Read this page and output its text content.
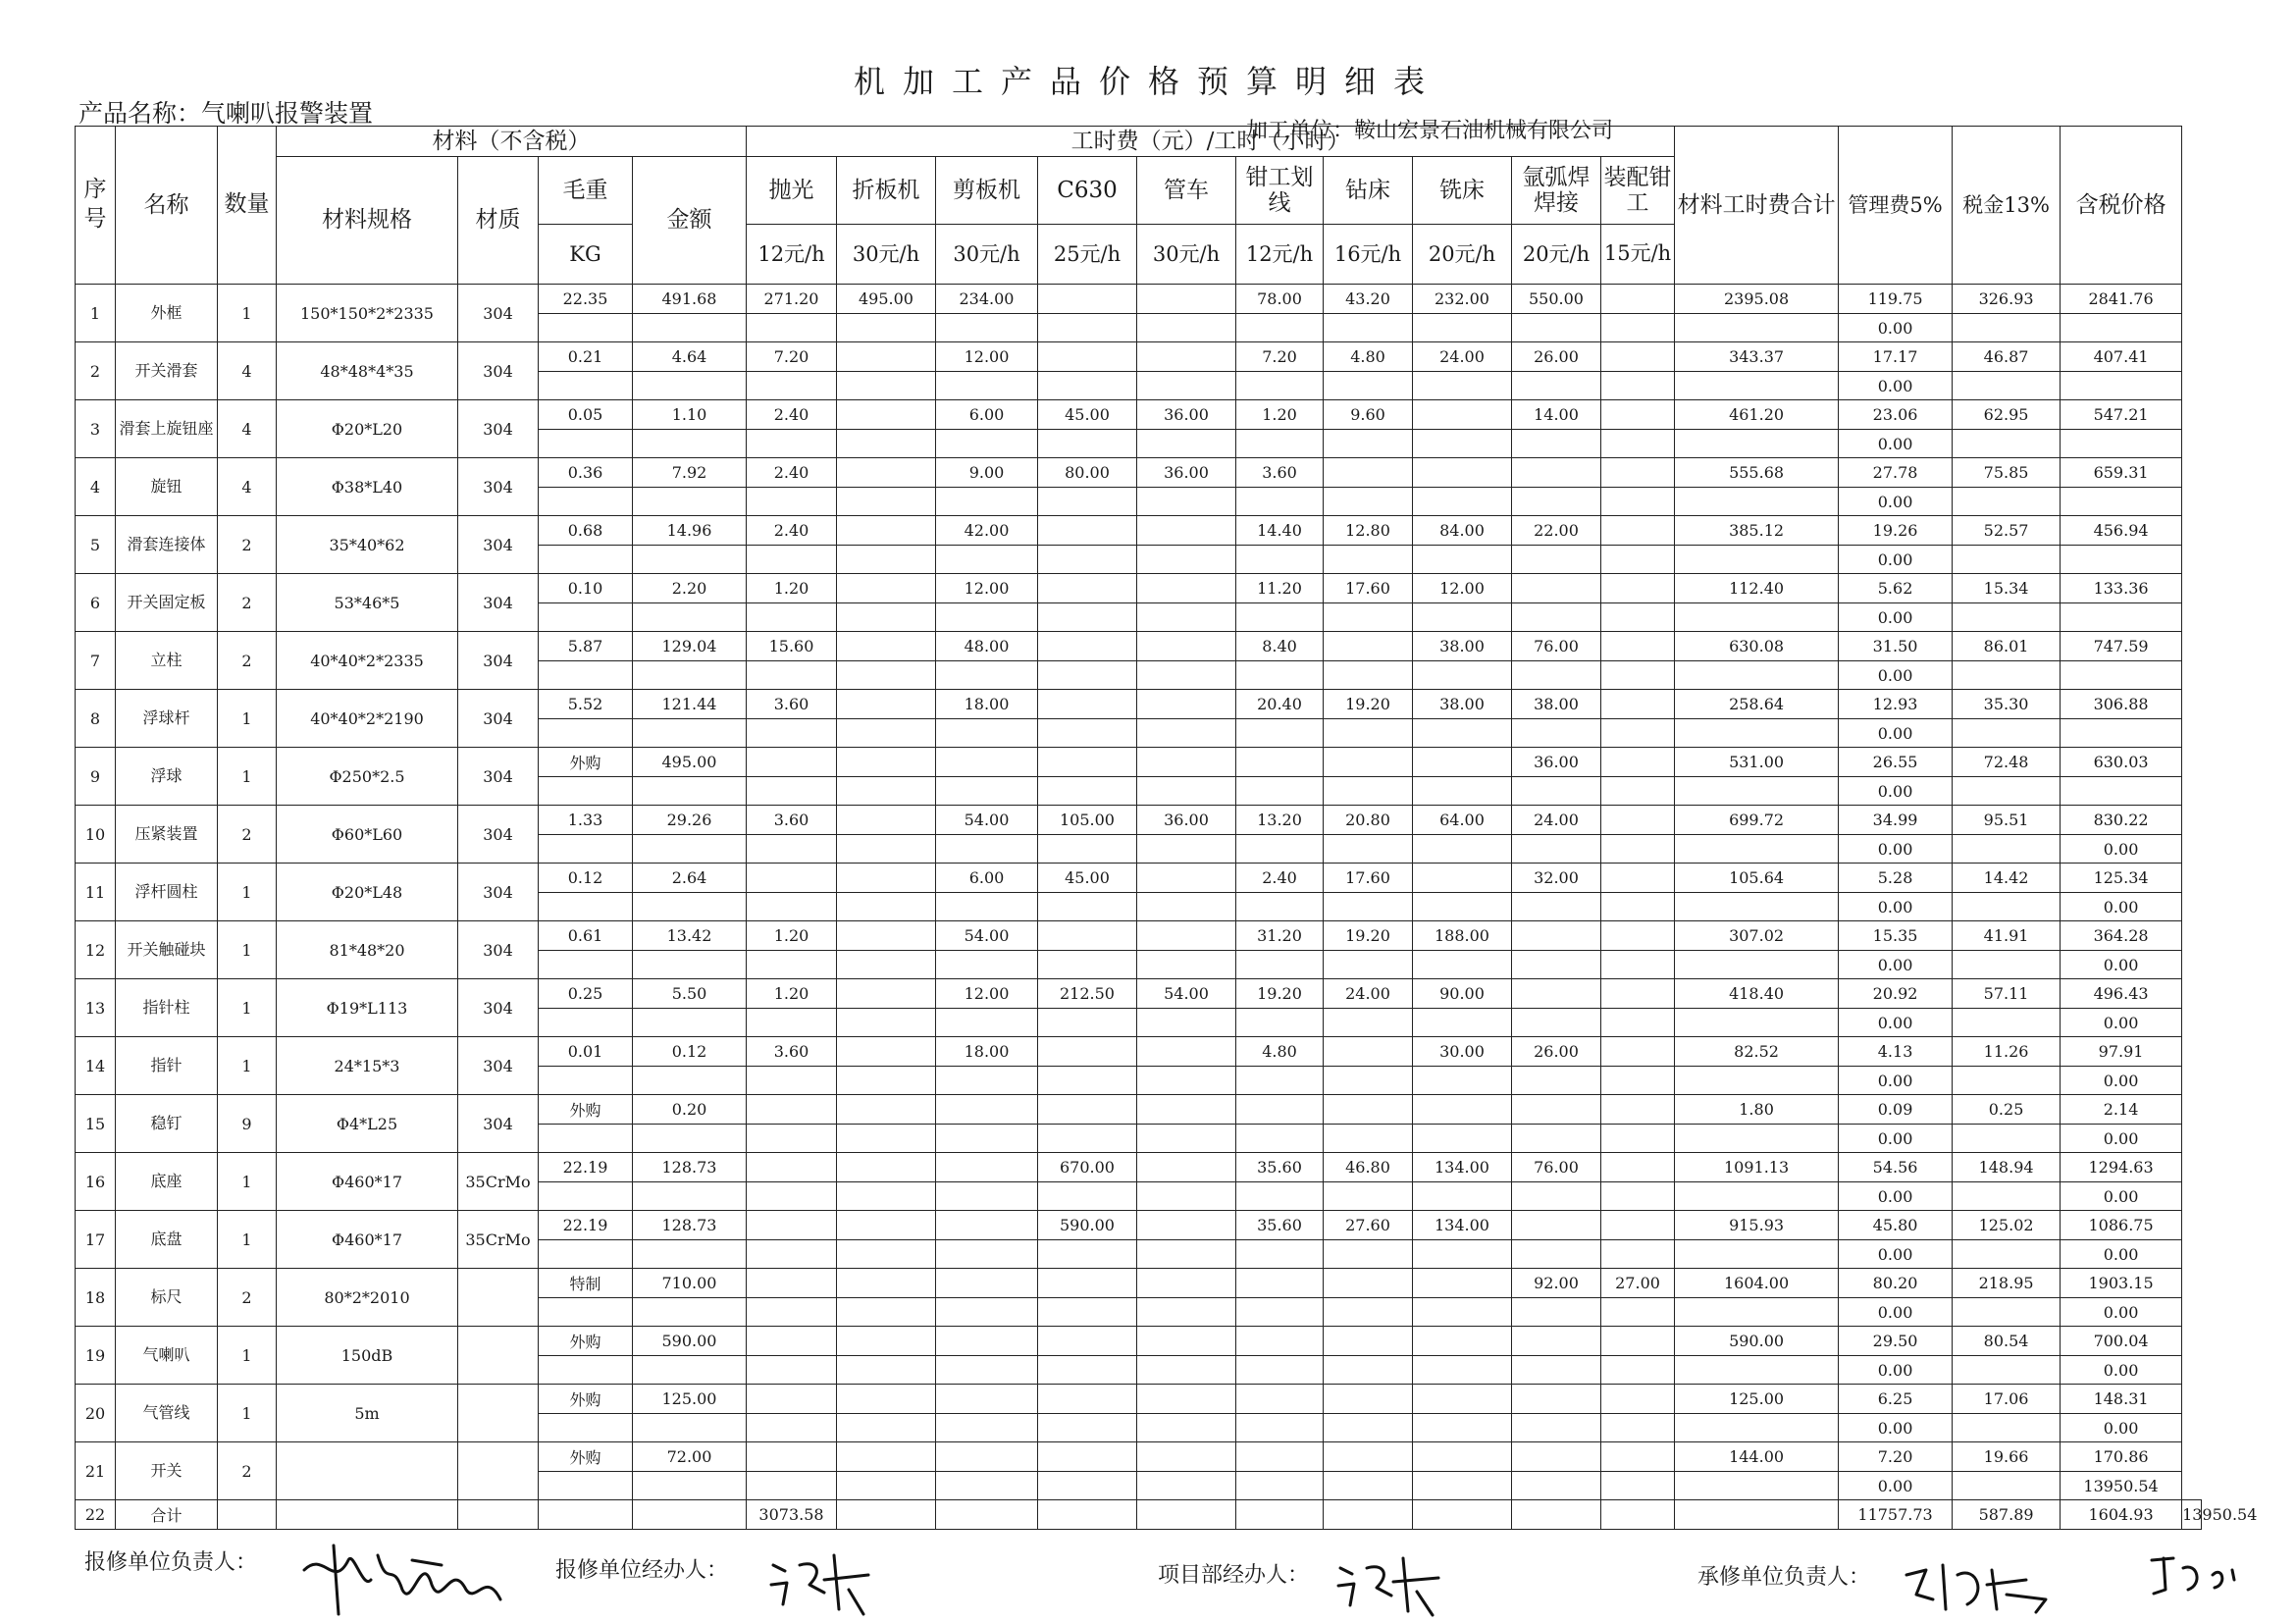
机加工产品价格预算明细表
产品名称：气喇叭报警装置
加工单位：鞍山宏景石油机械有限公司
序号	名称	数量	材料（不含税）				工时费（元）/工时（小时）										材料工时费合计	管理费5%	税金13%	含税价格	
			材料规格	材质	毛重	金额	抛光	折板机	剪板机	C630	管车	钳工划线	钻床	铣床	氩弧焊焊接	装配钳工					
					KG		12元/h	30元/h	30元/h	25元/h	30元/h	12元/h	16元/h	20元/h	20元/h	15元/h					
1	外框	1	150*150*2*2335	304	22.35	491.68	271.20	495.00	234.00			78.00	43.20	232.00	550.00		2395.08	119.75	326.93	2841.76	
																		0.00			
2	开关滑套	4	48*48*4*35	304	0.21	4.64	7.20		12.00			7.20	4.80	24.00	26.00		343.37	17.17	46.87	407.41	
																		0.00			
3	滑套上旋钮座	4	Φ20*L20	304	0.05	1.10	2.40		6.00	45.00	36.00	1.20	9.60		14.00		461.20	23.06	62.95	547.21	
																		0.00			
4	旋钮	4	Φ38*L40	304	0.36	7.92	2.40		9.00	80.00	36.00	3.60					555.68	27.78	75.85	659.31	
																		0.00			
5	滑套连接体	2	35*40*62	304	0.68	14.96	2.40		42.00			14.40	12.80	84.00	22.00		385.12	19.26	52.57	456.94	
																		0.00			
6	开关固定板	2	53*46*5	304	0.10	2.20	1.20		12.00			11.20	17.60	12.00			112.40	5.62	15.34	133.36	
																		0.00			
7	立柱	2	40*40*2*2335	304	5.87	129.04	15.60		48.00			8.40		38.00	76.00		630.08	31.50	86.01	747.59	
																		0.00			
8	浮球杆	1	40*40*2*2190	304	5.52	121.44	3.60		18.00			20.40	19.20	38.00	38.00		258.64	12.93	35.30	306.88	
																		0.00			
9	浮球	1	Φ250*2.5	304	外购	495.00									36.00		531.00	26.55	72.48	630.03	
																		0.00			
10	压紧装置	2	Φ60*L60	304	1.33	29.26	3.60		54.00	105.00	36.00	13.20	20.80	64.00	24.00		699.72	34.99	95.51	830.22	
																		0.00		0.00	
11	浮杆圆柱	1	Φ20*L48	304	0.12	2.64			6.00	45.00		2.40	17.60		32.00		105.64	5.28	14.42	125.34	
																		0.00		0.00	
12	开关触碰块	1	81*48*20	304	0.61	13.42	1.20		54.00			31.20	19.20	188.00			307.02	15.35	41.91	364.28	
																		0.00		0.00	
13	指针柱	1	Φ19*L113	304	0.25	5.50	1.20		12.00	212.50	54.00	19.20	24.00	90.00			418.40	20.92	57.11	496.43	
																		0.00		0.00	
14	指针	1	24*15*3	304	0.01	0.12	3.60		18.00			4.80		30.00	26.00		82.52	4.13	11.26	97.91	
																		0.00		0.00	
15	稳钉	9	Φ4*L25	304	外购	0.20											1.80	0.09	0.25	2.14	
																		0.00		0.00	
16	底座	1	Φ460*17	35CrMo	22.19	128.73				670.00		35.60	46.80	134.00	76.00		1091.13	54.56	148.94	1294.63	
																		0.00		0.00	
17	底盘	1	Φ460*17	35CrMo	22.19	128.73				590.00		35.60	27.60	134.00			915.93	45.80	125.02	1086.75	
																		0.00		0.00	
18	标尺	2	80*2*2010		特制	710.00									92.00	27.00	1604.00	80.20	218.95	1903.15	
																		0.00		0.00	
19	气喇叭	1	150dB		外购	590.00											590.00	29.50	80.54	700.04	
																		0.00		0.00	
20	气管线	1	5m		外购	125.00											125.00	6.25	17.06	148.31	
																		0.00		0.00	
21	开关	2			外购	72.00											144.00	7.20	19.66	170.86	
																		0.00		13950.54	
22	合计						3073.58											11757.73	587.89	1604.93	13950.54
报修单位负责人：	报修单位经办人：	项目部经办人：	承修单位负责人：
